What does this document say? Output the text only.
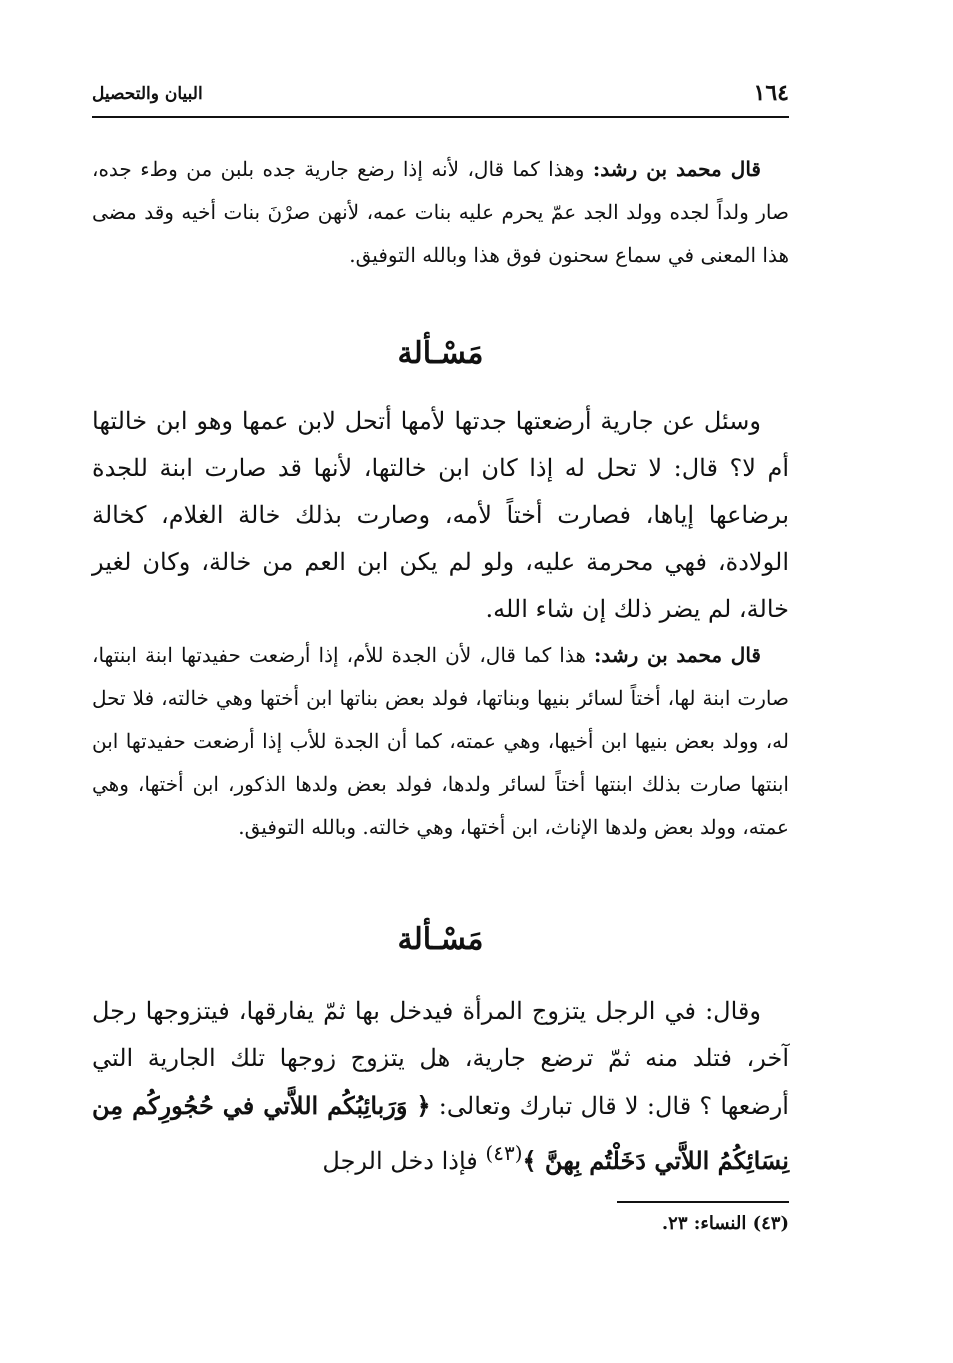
١٦٤
البيان والتحصيل

قال محمد بن رشد: وهذا كما قال، لأنه إذا رضع جارية جده بلبن من وطء جده، صار ولداً لجده وولد الجد عمّ يحرم عليه بنات عمه، لأنهن صرْنَ بنات أخيه وقد مضى هذا المعنى في سماع سحنون فوق هذا وبالله التوفيق.

مَسْـألة

وسئل عن جارية أرضعتها جدتها لأمها أتحل لابن عمها وهو ابن خالتها أم لا؟ قال: لا تحل له إذا كان ابن خالتها، لأنها قد صارت ابنة للجدة برضاعها إياها، فصارت أختاً لأمه، وصارت بذلك خالة الغلام، كخالة الولادة، فهي محرمة عليه، ولو لم يكن ابن العم من خالة، وكان لغير خالة، لم يضر ذلك إن شاء الله.

قال محمد بن رشد: هذا كما قال، لأن الجدة للأم، إذا أرضعت حفيدتها ابنة ابنتها، صارت ابنة لها، أختاً لسائر بنيها وبناتها، فولد بعض بناتها ابن أختها وهي خالته، فلا تحل له، وولد بعض بنيها ابن أخيها، وهي عمته، كما أن الجدة للأب إذا أرضعت حفيدتها ابن ابنتها صارت بذلك ابنتها أختاً لسائر ولدها، فولد بعض ولدها الذكور، ابن أختها، وهي عمته، وولد بعض ولدها الإناث، ابن أختها، وهي خالته. وبالله التوفيق.

مَسْـألة

وقال: في الرجل يتزوج المرأة فيدخل بها ثمّ يفارقها، فيتزوجها رجل آخر، فتلد منه ثمّ ترضع جارية، هل يتزوج زوجها تلك الجارية التي أرضعها ؟ قال: لا قال تبارك وتعالى: ﴿ وَرَبائِبُكُم اللاَّتي في حُجُورِكُم مِن نِسَائِكُمُ اللاَّتي دَخَلْتُم بِهنَّ ﴾$^{(٤٣)}$ فإذا دخل الرجل

(٤٣) النساء: ٢٣.
